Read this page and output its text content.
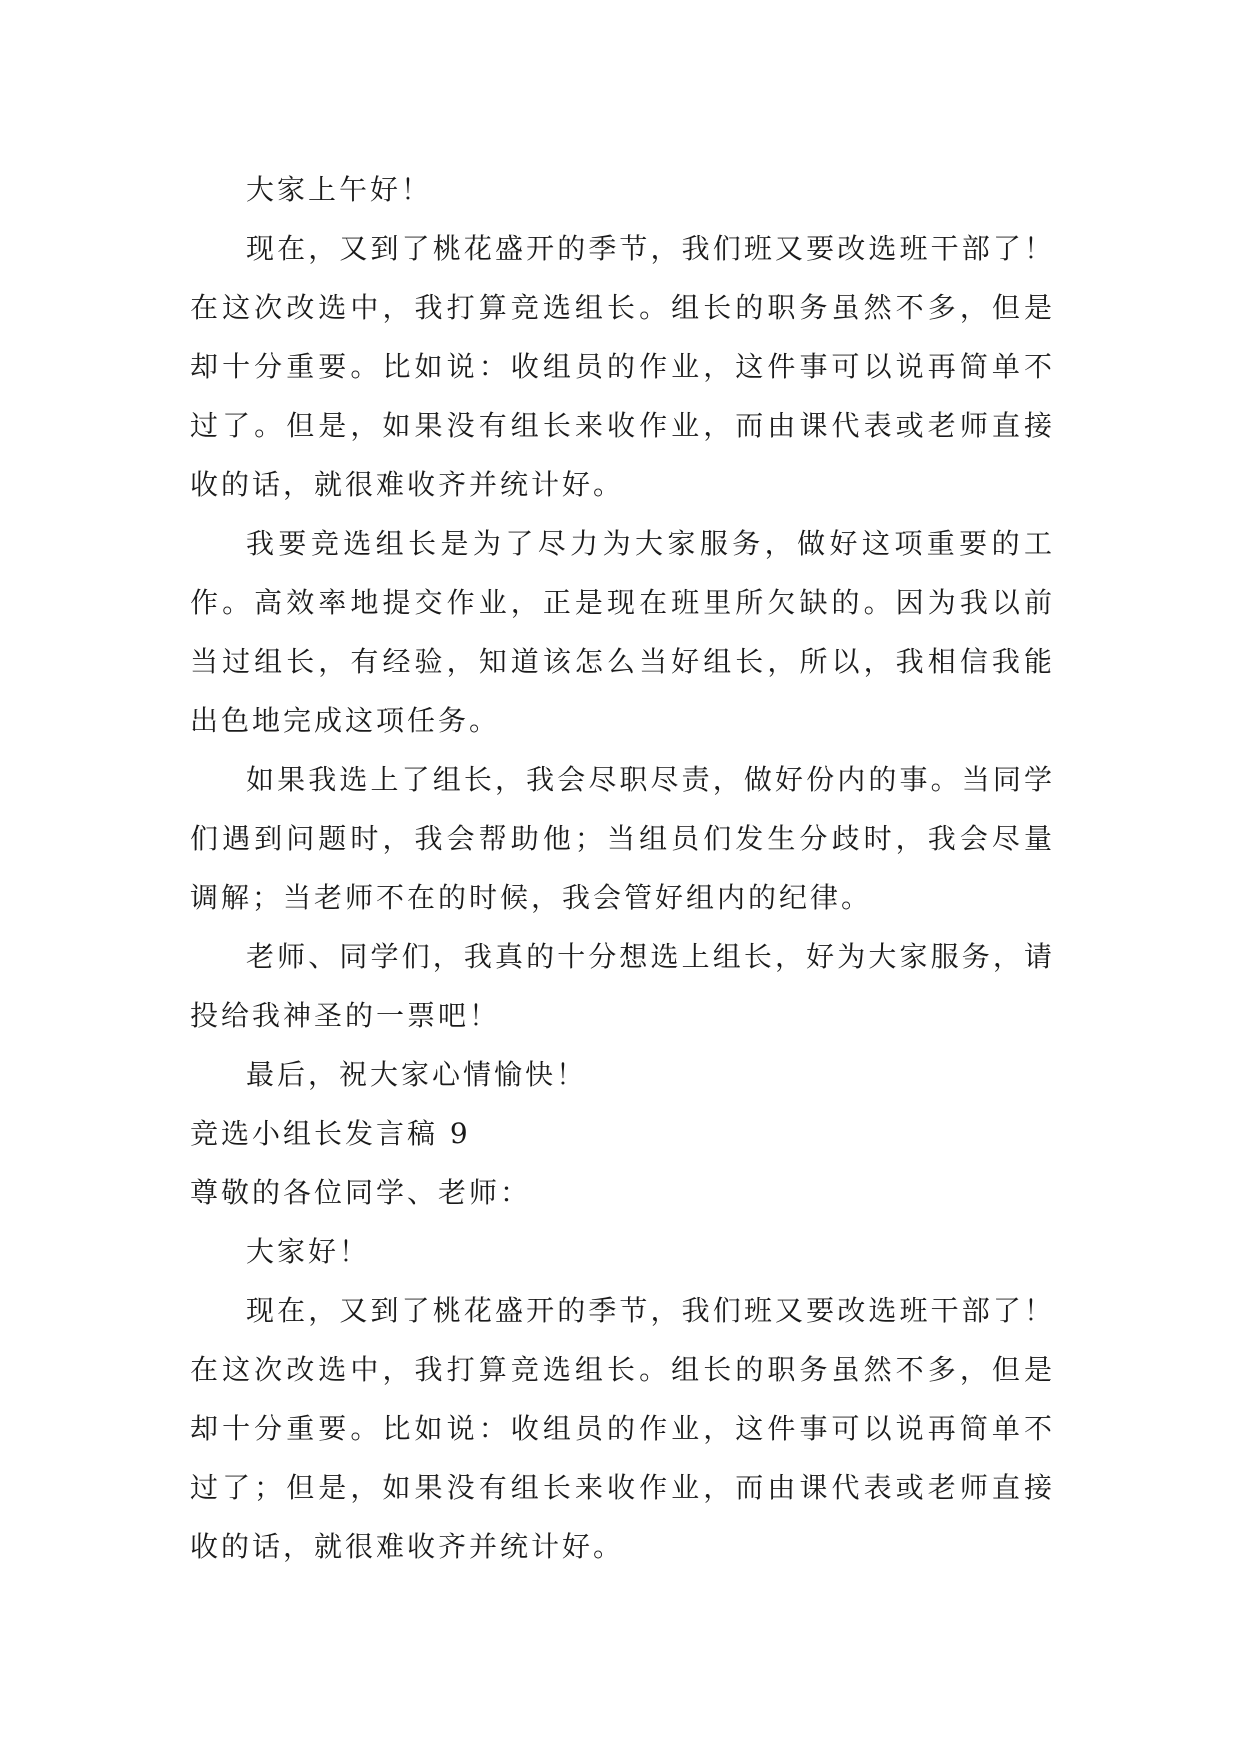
大家上午好！

现在，又到了桃花盛开的季节，我们班又要改选班干部了！在这次改选中，我打算竞选组长。组长的职务虽然不多，但是却十分重要。比如说：收组员的作业，这件事可以说再简单不过了。但是，如果没有组长来收作业，而由课代表或老师直接收的话，就很难收齐并统计好。

我要竞选组长是为了尽力为大家服务，做好这项重要的工作。高效率地提交作业，正是现在班里所欠缺的。因为我以前当过组长，有经验，知道该怎么当好组长，所以，我相信我能出色地完成这项任务。

如果我选上了组长，我会尽职尽责，做好份内的事。当同学们遇到问题时，我会帮助他；当组员们发生分歧时，我会尽量调解；当老师不在的时候，我会管好组内的纪律。

老师、同学们，我真的十分想选上组长，好为大家服务，请投给我神圣的一票吧！

最后，祝大家心情愉快！

竞选小组长发言稿 9

尊敬的各位同学、老师：

大家好！

现在，又到了桃花盛开的季节，我们班又要改选班干部了！在这次改选中，我打算竞选组长。组长的职务虽然不多，但是却十分重要。比如说：收组员的作业，这件事可以说再简单不过了；但是，如果没有组长来收作业，而由课代表或老师直接收的话，就很难收齐并统计好。
